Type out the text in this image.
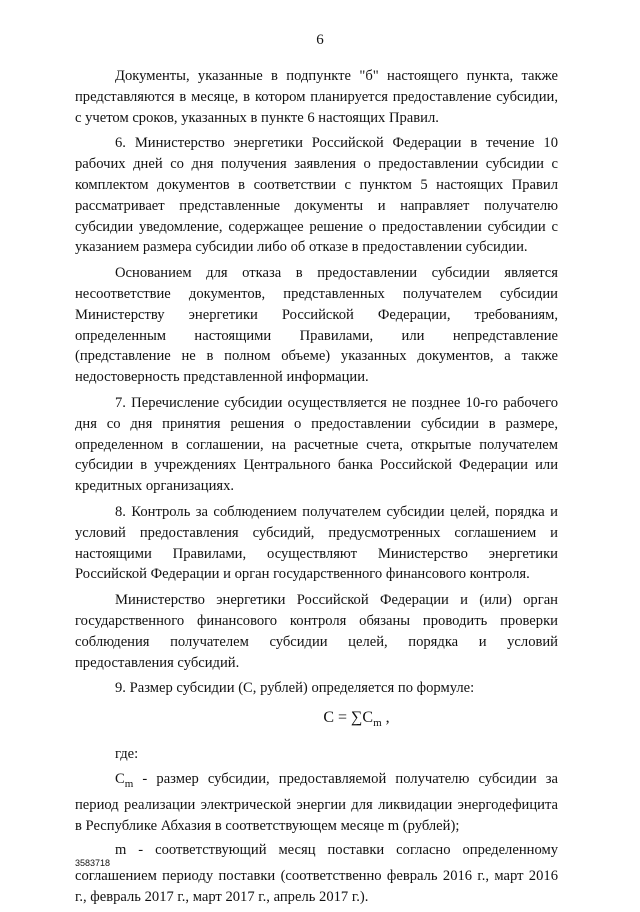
6

Документы, указанные в подпункте "б" настоящего пункта, также представляются в месяце, в котором планируется предоставление субсидии, с учетом сроков, указанных в пункте 6 настоящих Правил.

6. Министерство энергетики Российской Федерации в течение 10 рабочих дней со дня получения заявления о предоставлении субсидии с комплектом документов в соответствии с пунктом 5 настоящих Правил рассматривает представленные документы и направляет получателю субсидии уведомление, содержащее решение о предоставлении субсидии с указанием размера субсидии либо об отказе в предоставлении субсидии.

Основанием для отказа в предоставлении субсидии является несоответствие документов, представленных получателем субсидии Министерству энергетики Российской Федерации, требованиям, определенным настоящими Правилами, или непредставление (представление не в полном объеме) указанных документов, а также недостоверность представленной информации.

7. Перечисление субсидии осуществляется не позднее 10-го рабочего дня со дня принятия решения о предоставлении субсидии в размере, определенном в соглашении, на расчетные счета, открытые получателем субсидии в учреждениях Центрального банка Российской Федерации или кредитных организациях.

8. Контроль за соблюдением получателем субсидии целей, порядка и условий предоставления субсидий, предусмотренных соглашением и настоящими Правилами, осуществляют Министерство энергетики Российской Федерации и орган государственного финансового контроля.

Министерство энергетики Российской Федерации и (или) орган государственного финансового контроля обязаны проводить проверки соблюдения получателем субсидии целей, порядка и условий предоставления субсидий.

9. Размер субсидии (С, рублей) определяется по формуле:

$C = \sum C_m$ ,

где:

$C_m$ - размер субсидии, предоставляемой получателю субсидии за период реализации электрической энергии для ликвидации энергодефицита в Республике Абхазия в соответствующем месяце m (рублей);

m - соответствующий месяц поставки согласно определенному соглашением периоду поставки (соответственно февраль 2016 г., март 2016 г., февраль 2017 г., март 2017 г., апрель 2017 г.).

3583718
